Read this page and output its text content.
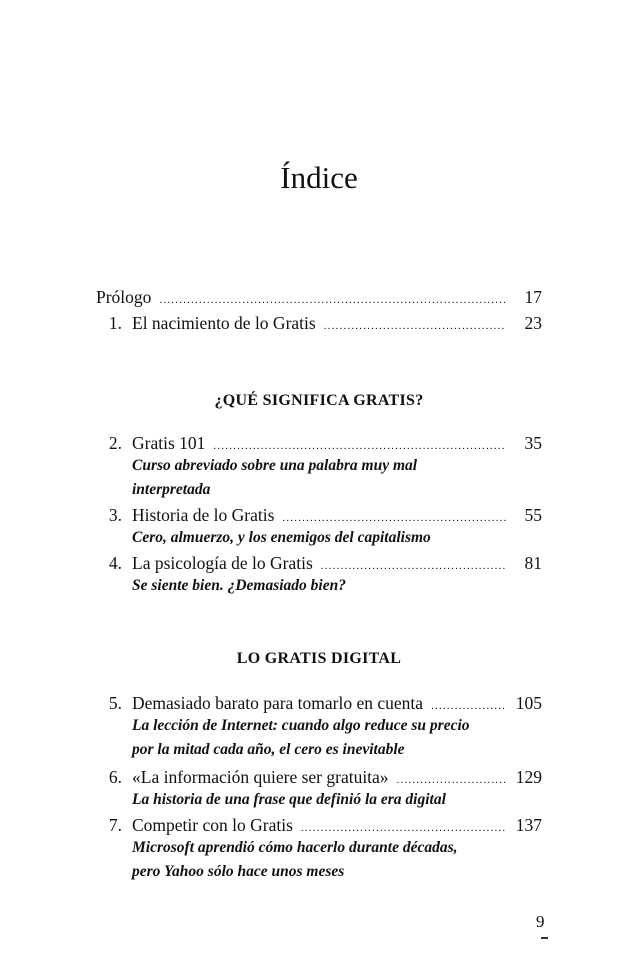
Índice
Prólogo .....	17
1. El nacimiento de lo Gratis .....	23
¿QUÉ SIGNIFICA GRATIS?
2. Gratis 101 .....	35
Curso abreviado sobre una palabra muy mal
interpretada
3. Historia de lo Gratis .....	55
Cero, almuerzo, y los enemigos del capitalismo
4. La psicología de lo Gratis .....	81
Se siente bien. ¿Demasiado bien?
LO GRATIS DIGITAL
5. Demasiado barato para tomarlo en cuenta .....	105
La lección de Internet: cuando algo reduce su precio
por la mitad cada año, el cero es inevitable
6. «La información quiere ser gratuita» .....	129
La historia de una frase que definió la era digital
7. Competir con lo Gratis .....	137
Microsoft aprendió cómo hacerlo durante décadas,
pero Yahoo sólo hace unos meses
9
